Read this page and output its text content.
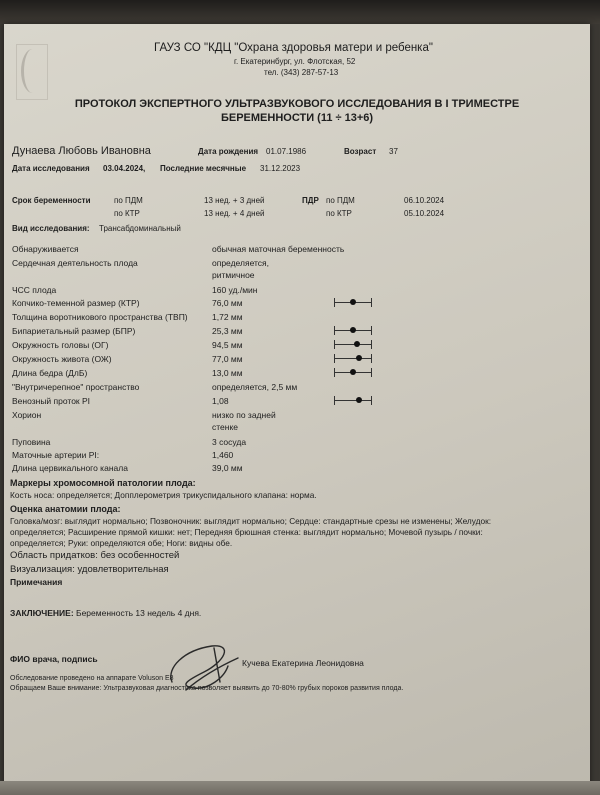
ГАУЗ СО "КДЦ "Охрана здоровья матери и ребенка"
г. Екатеринбург, ул. Флотская, 52
тел. (343) 287-57-13
ПРОТОКОЛ ЭКСПЕРТНОГО УЛЬТРАЗВУКОВОГО ИССЛЕДОВАНИЯ В I ТРИМЕСТРЕ
БЕРЕМЕННОСТИ (11 ÷ 13+6)
Дунаева Любовь Ивановна	Дата рождения 01.07.1986	Возраст 37
Дата исследования 03.04.2024, Последние месячные 31.12.2023
Срок беременности	по ПДМ	13 нед. + 3 дней	ПДР по ПДМ	06.10.2024
по КТР	13 нед. + 4 дней	по КТР	05.10.2024
Вид исследования: Трансабдоминальный
Обнаруживается	обычная маточная беременность
Сердечная деятельность плода	определяется,
ритмичное
ЧСС плода	160 уд./мин
Копчико-теменной размер (КТР)	76,0 мм
Толщина воротникового пространства (ТВП)	1,72 мм
Бипариетальный размер (БПР)	25,3 мм
Окружность головы (ОГ)	94,5 мм
Окружность живота (ОЖ)	77,0 мм
Длина бедра (ДлБ)	13,0 мм
"Внутричерепное" пространство	определяется, 2,5 мм
Венозный проток PI	1,08
Хорион	низко по задней
стенке
Пуповина	3 сосуда
Маточные артерии PI:	1,460
Длина цервикального канала	39,0 мм
Маркеры хромосомной патологии плода:
Кость носа: определяется; Допплерометрия трикуспидального клапана: норма.
Оценка анатомии плода:
Головка/мозг: выглядит нормально; Позвоночник: выглядит нормально; Сердце: стандартные срезы не изменены; Желудок:
определяется; Расширение прямой кишки: нет; Передняя брюшная стенка: выглядит нормально; Мочевой пузырь / почки:
определяется; Руки: определяются обе; Ноги: видны обе.
Область придатков: без особенностей
Визуализация: удовлетворительная
Примечания
ЗАКЛЮЧЕНИЕ: Беременность 13 недель 4 дня.
ФИО врача, подпись	Кучева Екатерина Леонидовна
Обследование проведено на аппарате Voluson E8
Обращаем Ваше внимание: Ультразвуковая диагностика позволяет выявить до 70-80% грубых пороков развития плода.
